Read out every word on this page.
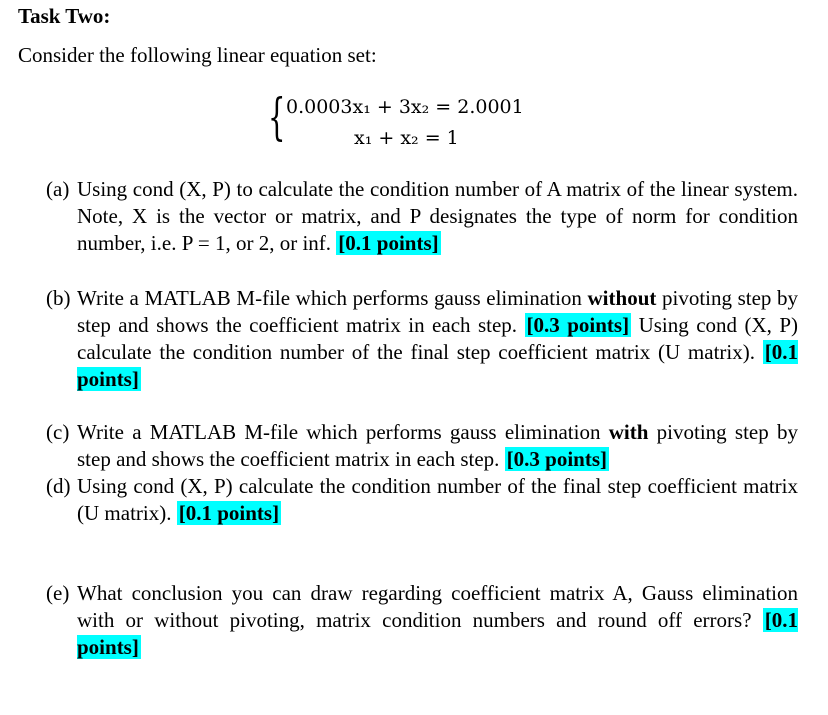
Task Two:
Consider the following linear equation set:
{ 0.0003x₁ + 3x₂ = 2.0001
x₁ + x₂ = 1
(a) Using cond (X, P) to calculate the condition number of A matrix of the linear system. Note, X is the vector or matrix, and P designates the type of norm for condition number, i.e. P = 1, or 2, or inf. [0.1 points]
(b) Write a MATLAB M-file which performs gauss elimination without pivoting step by step and shows the coefficient matrix in each step. [0.3 points] Using cond (X, P) calculate the condition number of the final step coefficient matrix (U matrix). [0.1 points]
(c) Write a MATLAB M-file which performs gauss elimination with pivoting step by step and shows the coefficient matrix in each step. [0.3 points]
(d) Using cond (X, P) calculate the condition number of the final step coefficient matrix (U matrix). [0.1 points]
(e) What conclusion you can draw regarding coefficient matrix A, Gauss elimination with or without pivoting, matrix condition numbers and round off errors? [0.1 points]
